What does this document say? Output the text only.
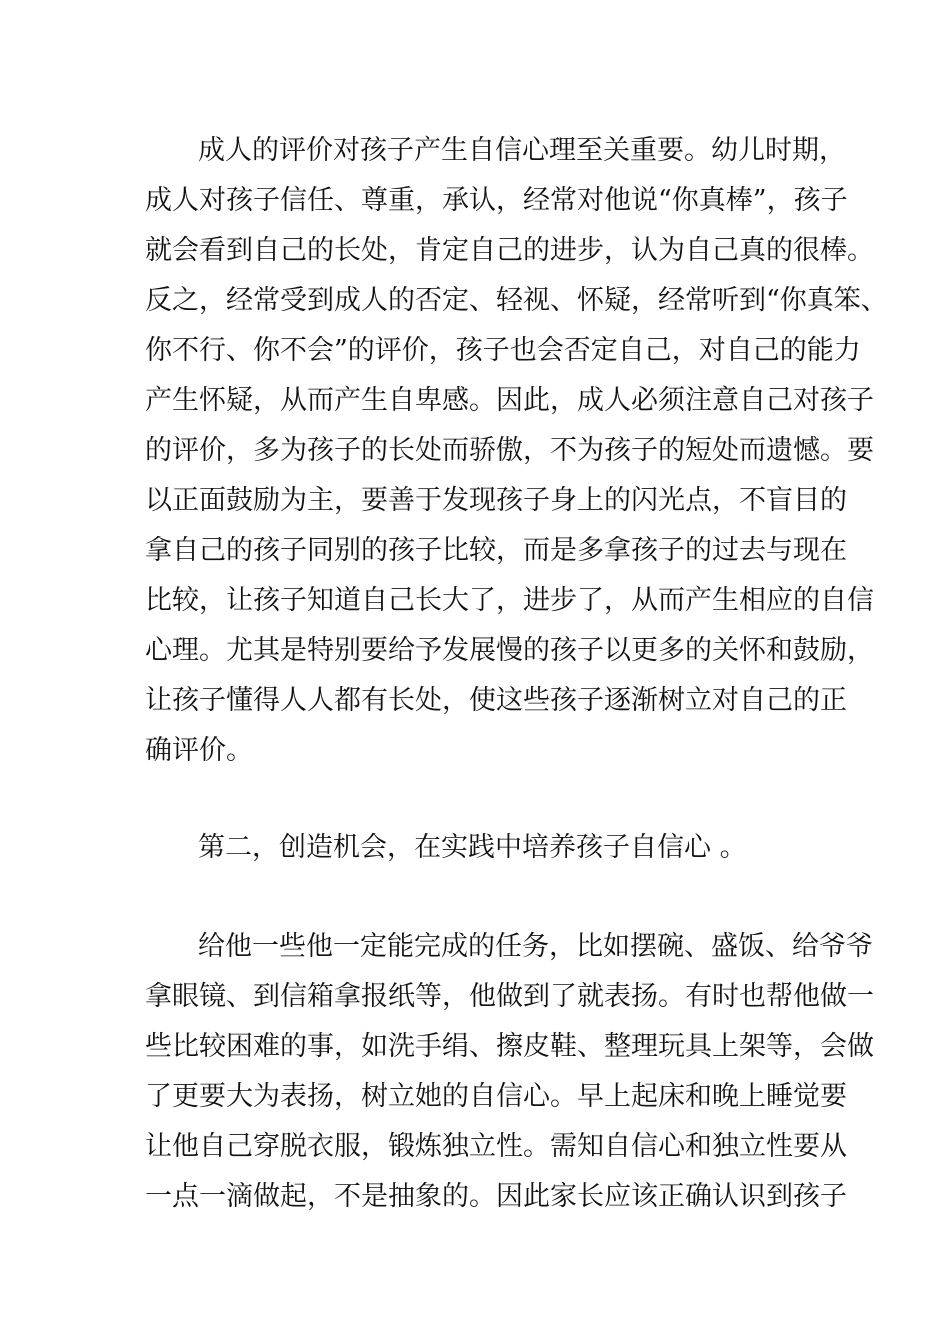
成人的评价对孩子产生自信心理至关重要。幼儿时期，

成人对孩子信任、尊重，承认，经常对他说“你真棒”，孩子

就会看到自己的长处，肯定自己的进步，认为自己真的很棒。

反之，经常受到成人的否定、轻视、怀疑，经常听到“你真笨、

你不行、你不会”的评价，孩子也会否定自己，对自己的能力

产生怀疑，从而产生自卑感。因此，成人必须注意自己对孩子

的评价，多为孩子的长处而骄傲，不为孩子的短处而遗憾。要

以正面鼓励为主，要善于发现孩子身上的闪光点，不盲目的

拿自己的孩子同别的孩子比较，而是多拿孩子的过去与现在

比较，让孩子知道自己长大了，进步了，从而产生相应的自信

心理。尤其是特别要给予发展慢的孩子以更多的关怀和鼓励，

让孩子懂得人人都有长处，使这些孩子逐渐树立对自己的正

确评价。

第二，创造机会，在实践中培养孩子自信心 。

给他一些他一定能完成的任务，比如摆碗、盛饭、给爷爷

拿眼镜、到信箱拿报纸等，他做到了就表扬。有时也帮他做一

些比较困难的事，如洗手绢、擦皮鞋、整理玩具上架等，会做

了更要大为表扬，树立她的自信心。早上起床和晚上睡觉要

让他自己穿脱衣服，锻炼独立性。需知自信心和独立性要从

一点一滴做起，不是抽象的。因此家长应该正确认识到孩子
